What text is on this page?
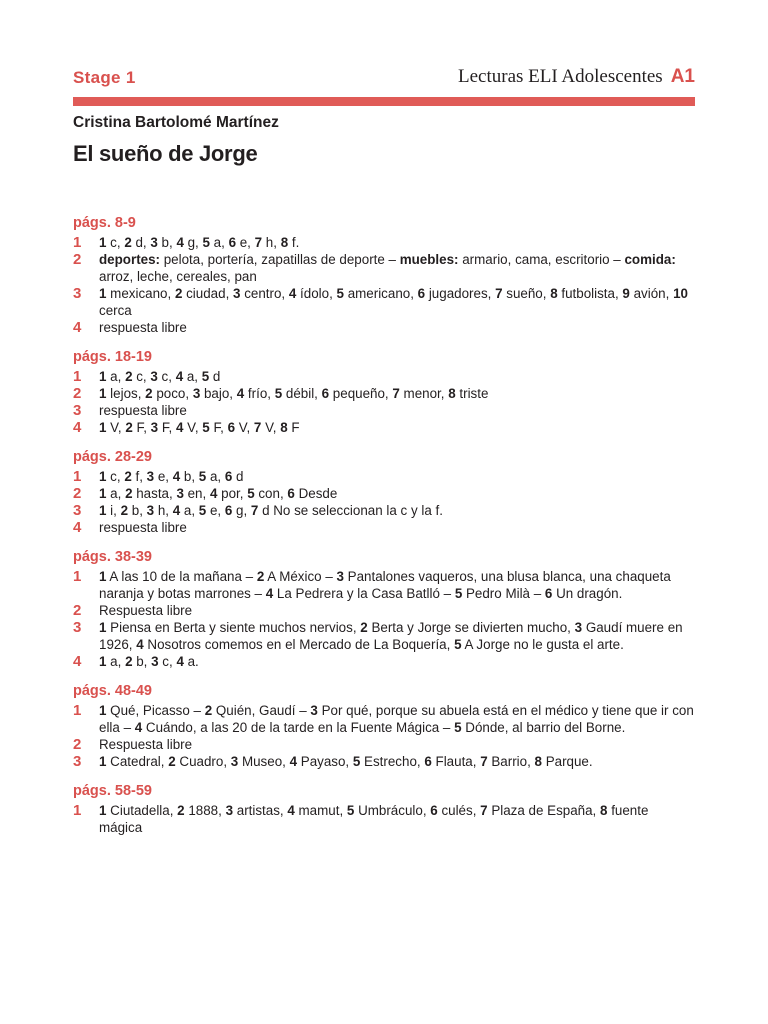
Stage 1	Lecturas ELI Adolescentes A1
Cristina Bartolomé Martínez
El sueño de Jorge
págs. 8-9
1	1 c, 2 d, 3 b, 4 g, 5 a, 6 e, 7 h, 8 f.
2	deportes: pelota, portería, zapatillas de deporte – muebles: armario, cama, escritorio – comida: arroz, leche, cereales, pan
3	1 mexicano, 2 ciudad, 3 centro, 4 ídolo, 5 americano, 6 jugadores, 7 sueño, 8 futbolista, 9 avión, 10 cerca
4	respuesta libre
págs. 18-19
1	1 a, 2 c, 3 c, 4 a, 5 d
2	1 lejos, 2 poco, 3 bajo, 4 frío, 5 débil, 6 pequeño, 7 menor, 8 triste
3	respuesta libre
4	1 V, 2 F, 3 F, 4 V, 5 F, 6 V, 7 V, 8 F
págs. 28-29
1	1 c, 2 f, 3 e, 4 b, 5 a, 6 d
2	1 a, 2 hasta, 3 en, 4 por, 5 con, 6 Desde
3	1 i, 2 b, 3 h, 4 a, 5 e, 6 g, 7 d No se seleccionan la c y la f.
4	respuesta libre
págs. 38-39
1	1 A las 10 de la mañana – 2 A México – 3 Pantalones vaqueros, una blusa blanca, una chaqueta naranja y botas marrones – 4 La Pedrera y la Casa Batlló – 5 Pedro Milà – 6 Un dragón.
2	Respuesta libre
3	1 Piensa en Berta y siente muchos nervios, 2 Berta y Jorge se divierten mucho, 3 Gaudí muere en 1926, 4 Nosotros comemos en el Mercado de La Boquería, 5 A Jorge no le gusta el arte.
4	1 a, 2 b, 3 c, 4 a.
págs. 48-49
1	1 Qué, Picasso – 2 Quién, Gaudí – 3 Por qué, porque su abuela está en el médico y tiene que ir con ella – 4 Cuándo, a las 20 de la tarde en la Fuente Mágica – 5 Dónde, al barrio del Borne.
2	Respuesta libre
3	1 Catedral, 2 Cuadro, 3 Museo, 4 Payaso, 5 Estrecho, 6 Flauta, 7 Barrio, 8 Parque.
págs. 58-59
1	1 Ciutadella, 2 1888, 3 artistas, 4 mamut, 5 Umbráculo, 6 culés, 7 Plaza de España, 8 fuente mágica
